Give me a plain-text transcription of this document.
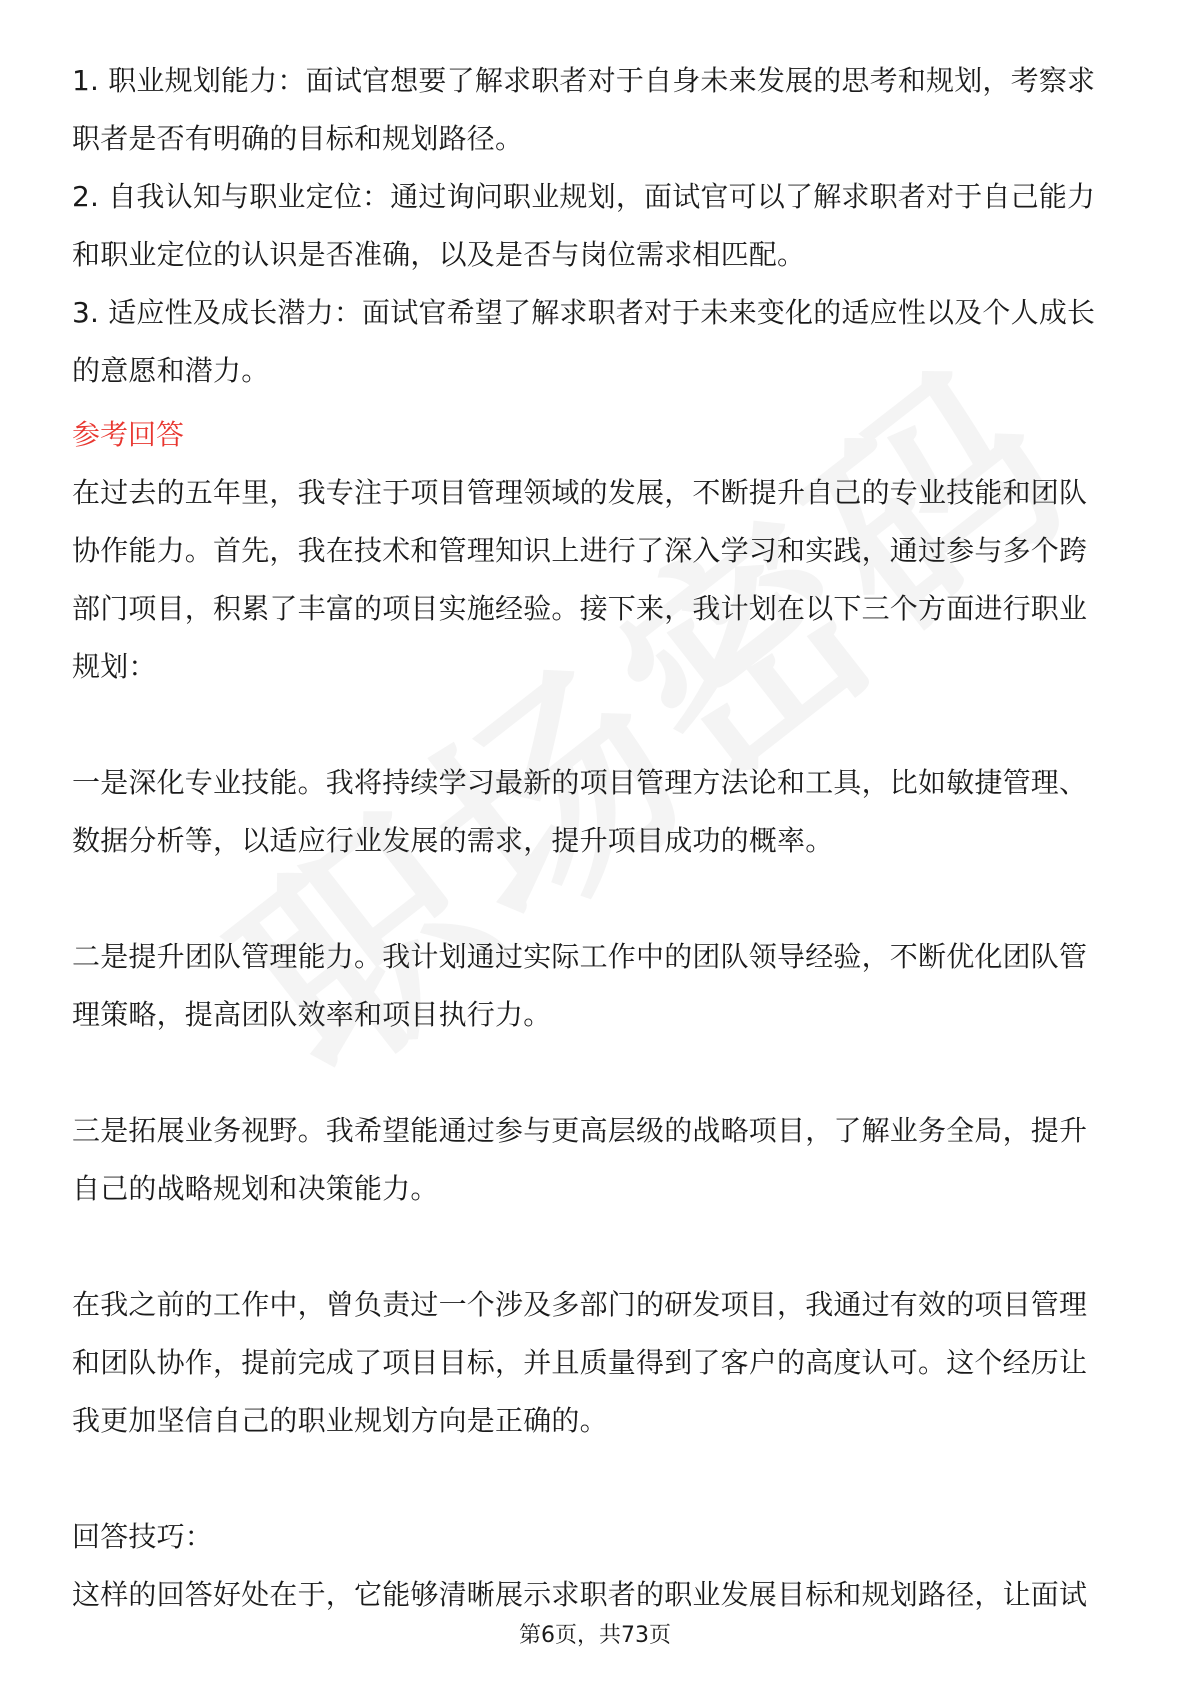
1. 职业规划能力：面试官想要了解求职者对于自身未来发展的思考和规划，考察求
职者是否有明确的目标和规划路径。
2. 自我认知与职业定位：通过询问职业规划，面试官可以了解求职者对于自己能力
和职业定位的认识是否准确，以及是否与岗位需求相匹配。
3. 适应性及成长潜力：面试官希望了解求职者对于未来变化的适应性以及个人成长
的意愿和潜力。
参考回答
在过去的五年里，我专注于项目管理领域的发展，不断提升自己的专业技能和团队
协作能力。首先，我在技术和管理知识上进行了深入学习和实践，通过参与多个跨
部门项目，积累了丰富的项目实施经验。接下来，我计划在以下三个方面进行职业
规划：
一是深化专业技能。我将持续学习最新的项目管理方法论和工具，比如敏捷管理、
数据分析等，以适应行业发展的需求，提升项目成功的概率。
二是提升团队管理能力。我计划通过实际工作中的团队领导经验，不断优化团队管
理策略，提高团队效率和项目执行力。
三是拓展业务视野。我希望能通过参与更高层级的战略项目，了解业务全局，提升
自己的战略规划和决策能力。
在我之前的工作中，曾负责过一个涉及多部门的研发项目，我通过有效的项目管理
和团队协作，提前完成了项目目标，并且质量得到了客户的高度认可。这个经历让
我更加坚信自己的职业规划方向是正确的。
回答技巧：
这样的回答好处在于，它能够清晰展示求职者的职业发展目标和规划路径，让面试
第6页，共73页
